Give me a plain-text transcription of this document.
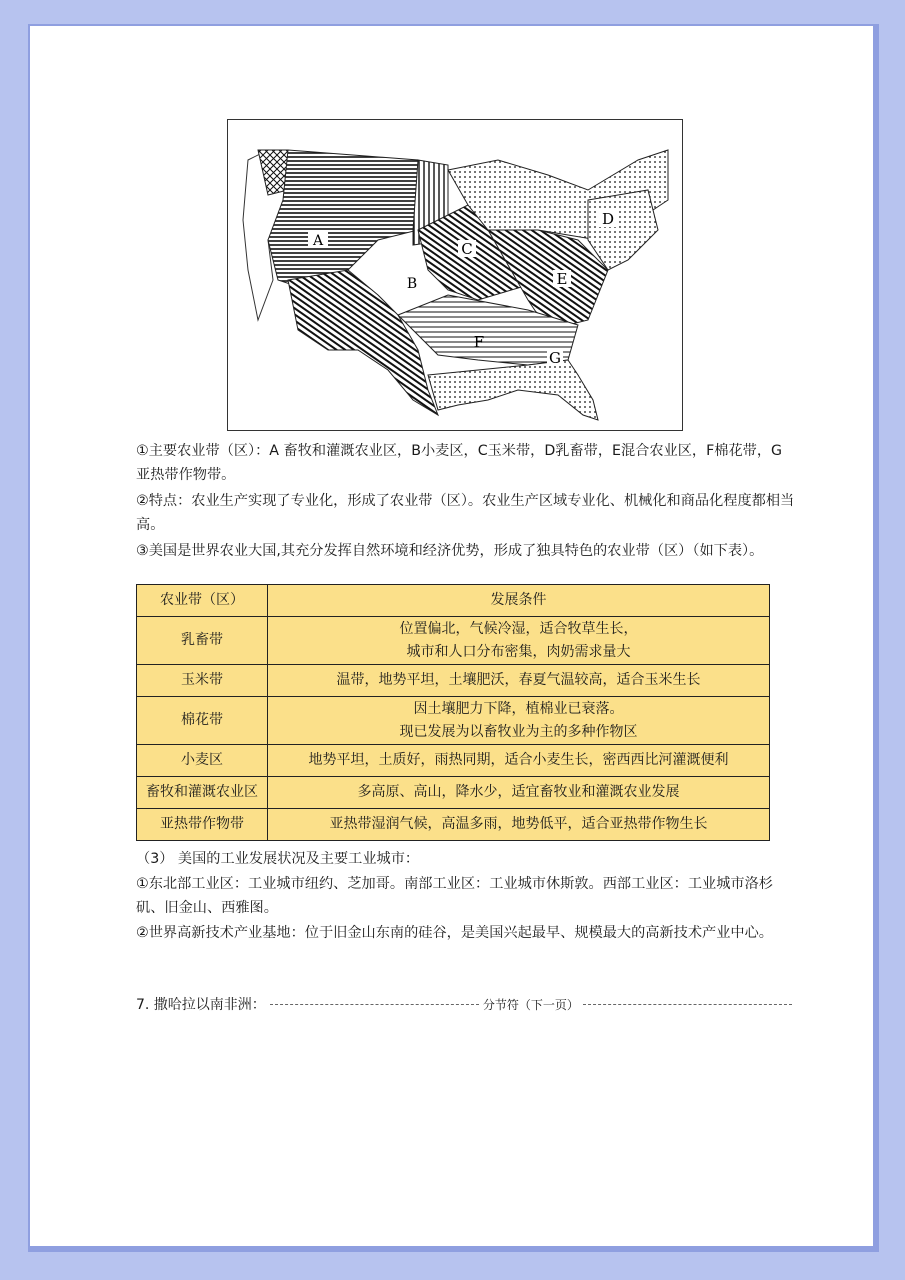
A
B
C
D
E
F
G
①主要农业带（区）：A 畜牧和灌溉农业区，B小麦区，C玉米带，D乳畜带，E混合农业区，F棉花带，G亚热带作物带。
②特点：农业生产实现了专业化，形成了农业带（区）。农业生产区域专业化、机械化和商品化程度都相当高。
③美国是世界农业大国,其充分发挥自然环境和经济优势，形成了独具特色的农业带（区）（如下表）。
农业带（区）	发展条件
乳畜带	位置偏北，气候冷湿，适合牧草生长，
城市和人口分布密集，肉奶需求量大

玉米带	温带，地势平坦，土壤肥沃，春夏气温较高，适合玉米生长
棉花带	因土壤肥力下降，植棉业已衰落。
现已发展为以畜牧业为主的多种作物区

小麦区	地势平坦，土质好，雨热同期，适合小麦生长，密西西比河灌溉便利
畜牧和灌溉农业区	多高原、高山，降水少，适宜畜牧业和灌溉农业发展
亚热带作物带	亚热带湿润气候，高温多雨，地势低平，适合亚热带作物生长
（3） 美国的工业发展状况及主要工业城市：
①东北部工业区：工业城市纽约、芝加哥。南部工业区：工业城市休斯敦。西部工业区：工业城市洛杉矶、旧金山、西雅图。
②世界高新技术产业基地：位于旧金山东南的硅谷，是美国兴起最早、规模最大的高新技术产业中心。
7. 撒哈拉以南非洲：	分节符（下一页）
